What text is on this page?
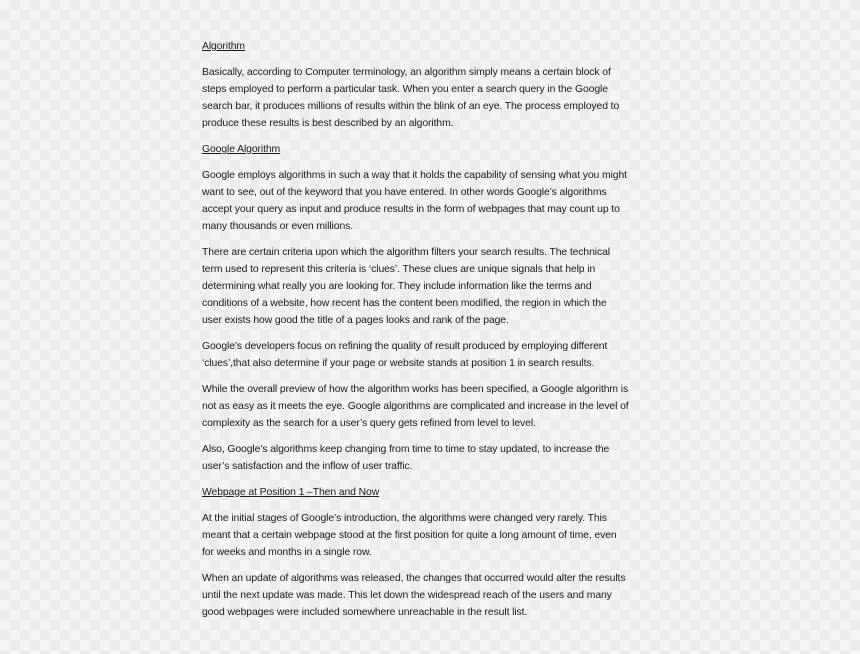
Algorithm
Basically, according to Computer terminology, an algorithm simply means a certain block of
steps employed to perform a particular task. When you enter a search query in the Google
search bar, it produces millions of results within the blink of an eye. The process employed to
produce these results is best described by an algorithm.
Google Algorithm
Google employs algorithms in such a way that it holds the capability of sensing what you might
want to see, out of the keyword that you have entered. In other words Google’s algorithms
accept your query as input and produce results in the form of webpages that may count up to
many thousands or even millions.
There are certain criteria upon which the algorithm filters your search results. The technical
term used to represent this criteria is ‘clues’. These clues are unique signals that help in
determining what really you are looking for. They include information like the terms and
conditions of a website, how recent has the content been modified, the region in which the
user exists how good the title of a pages looks and rank of the page.
Google’s developers focus on refining the quality of result produced by employing different
‘clues’,that also determine if your page or website stands at position 1 in search results.
While the overall preview of how the algorithm works has been specified, a Google algorithm is
not as easy as it meets the eye. Google algorithms are complicated and increase in the level of
complexity as the search for a user’s query gets refined from level to level.
Also, Google’s algorithms keep changing from time to time to stay updated, to increase the
user’s satisfaction and the inflow of user traffic.
Webpage at Position 1 –Then and Now
At the initial stages of Google’s introduction, the algorithms were changed very rarely. This
meant that a certain webpage stood at the first position for quite a long amount of time, even
for weeks and months in a single row.
When an update of algorithms was released, the changes that occurred would alter the results
until the next update was made. This let down the widespread reach of the users and many
good webpages were included somewhere unreachable in the result list.
